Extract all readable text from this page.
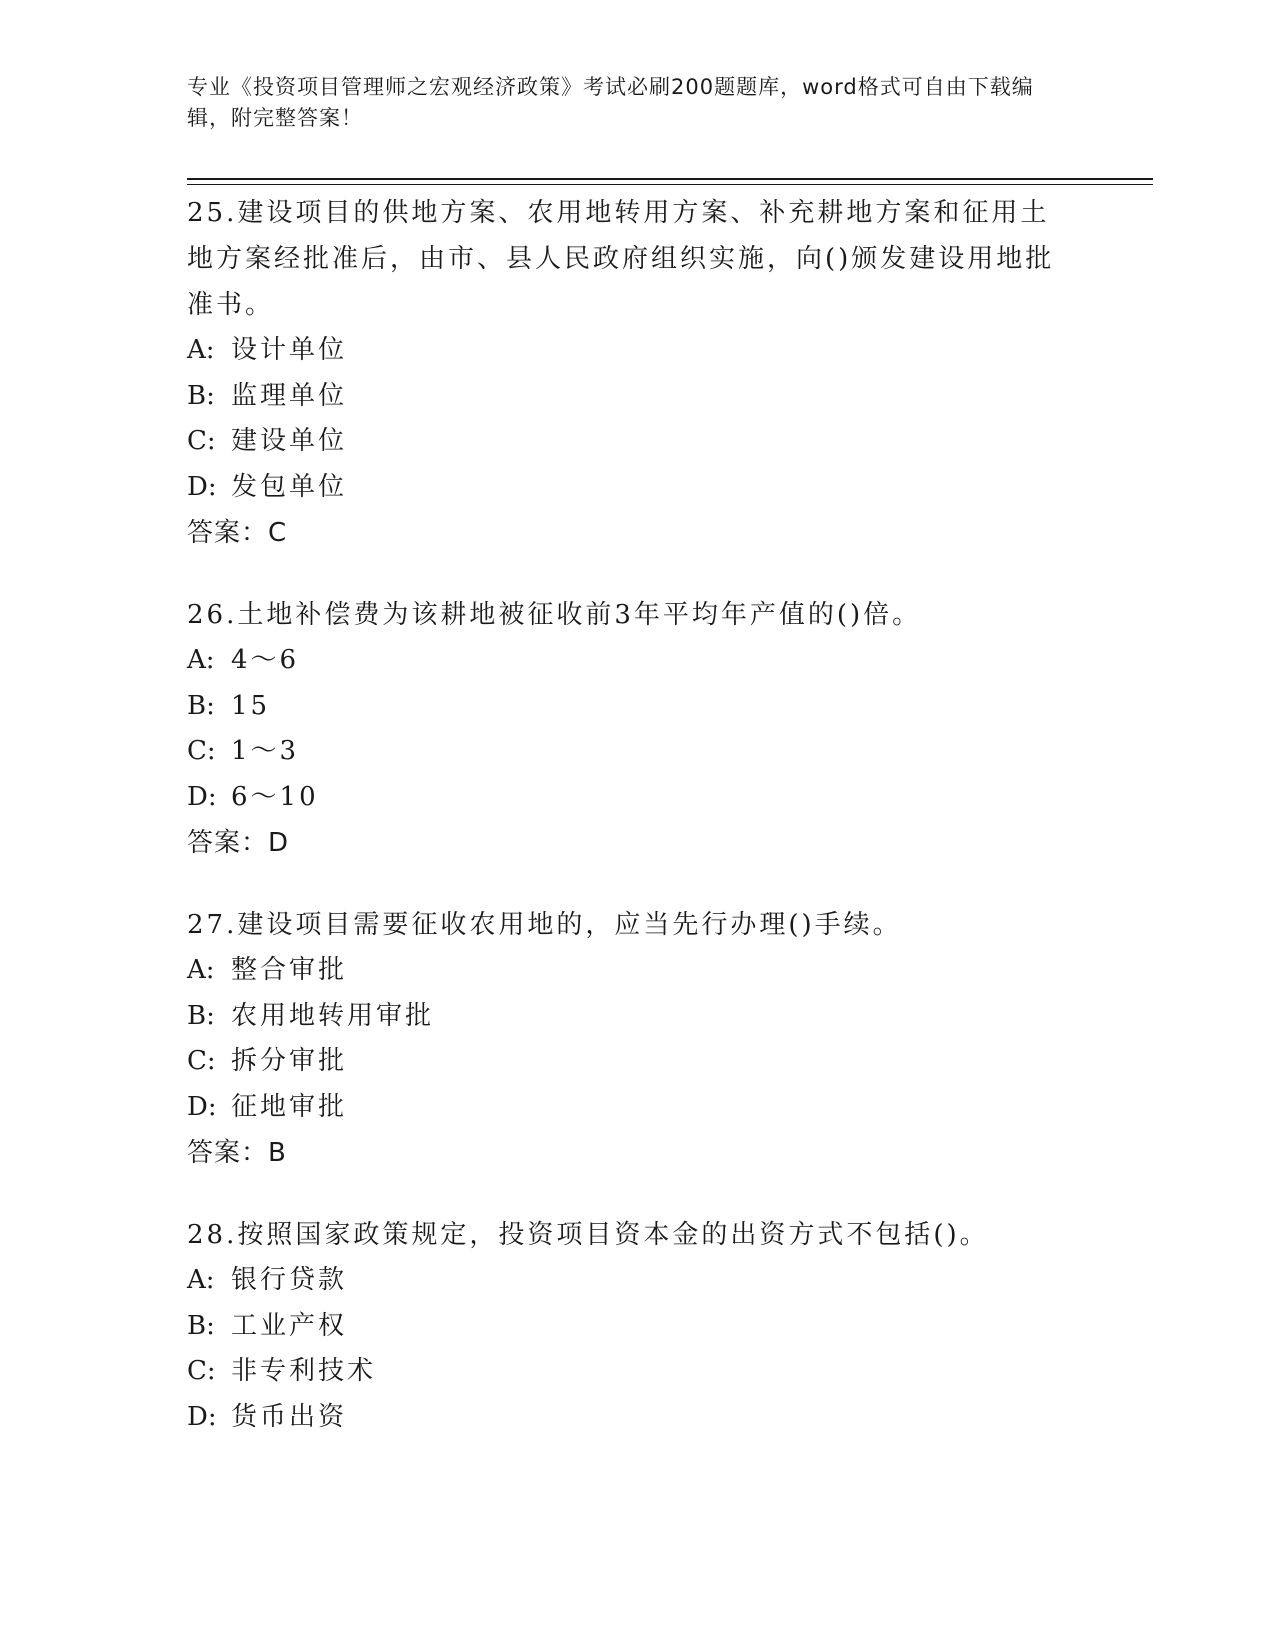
专业《投资项目管理师之宏观经济政策》考试必刷200题题库，word格式可自由下载编辑，附完整答案！
25.建设项目的供地方案、农用地转用方案、补充耕地方案和征用土地方案经批准后，由市、县人民政府组织实施，向()颁发建设用地批准书。
A: 设计单位
B: 监理单位
C: 建设单位
D: 发包单位
答案：C
26.土地补偿费为该耕地被征收前3年平均年产值的()倍。
A: 4～6
B: 15
C: 1～3
D: 6～10
答案：D
27.建设项目需要征收农用地的，应当先行办理()手续。
A: 整合审批
B: 农用地转用审批
C: 拆分审批
D: 征地审批
答案：B
28.按照国家政策规定，投资项目资本金的出资方式不包括()。
A: 银行贷款
B: 工业产权
C: 非专利技术
D: 货币出资
